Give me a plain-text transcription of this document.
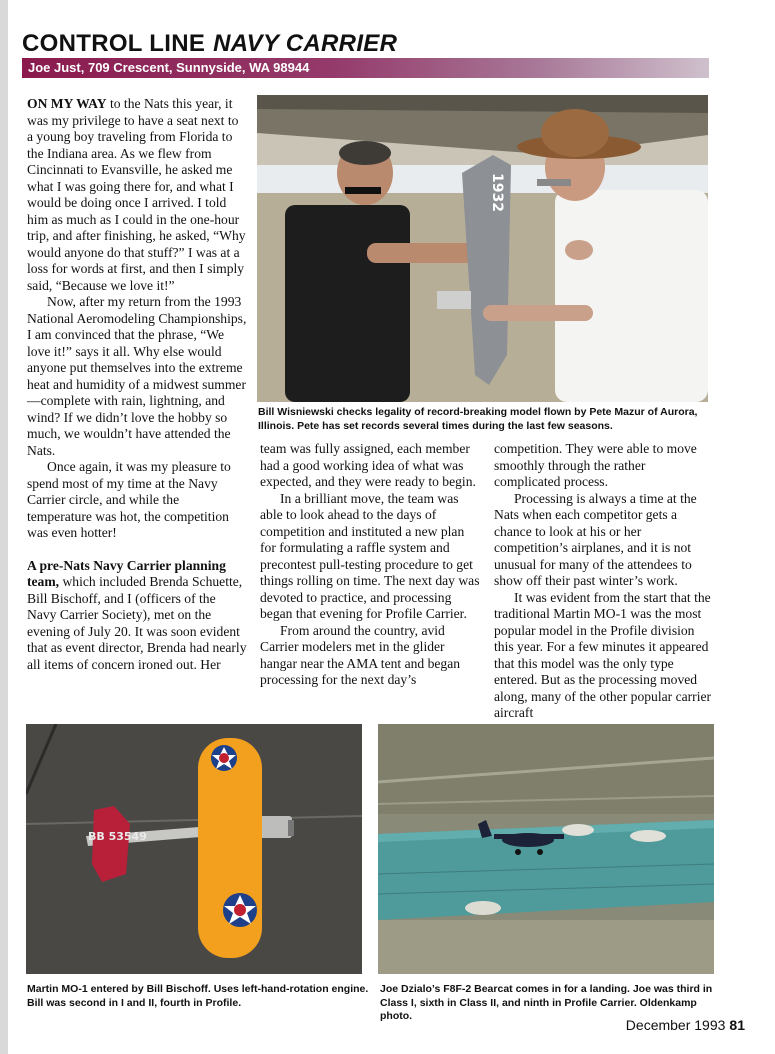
CONTROL LINE NAVY CARRIER
Joe Just, 709 Crescent, Sunnyside, WA 98944

ON MY WAY to the Nats this year, it was my privilege to have a seat next to a young boy traveling from Florida to the Indiana area. As we flew from Cincinnati to Evansville, he asked me what I was going there for, and what I would be doing once I arrived. I told him as much as I could in the one-hour trip, and after finishing, he asked, “Why would anyone do that stuff?” I was at a loss for words at first, and then I simply said, “Because we love it!”

Now, after my return from the 1993 National Aeromodeling Championships, I am convinced that the phrase, “We love it!” says it all. Why else would anyone put themselves into the extreme heat and humidity of a midwest summer—complete with rain, lightning, and wind? If we didn’t love the hobby so much, we wouldn’t have attended the Nats.

Once again, it was my pleasure to spend most of my time at the Navy Carrier circle, and while the temperature was hot, the competition was even hotter!

A pre-Nats Navy Carrier planning team, which included Brenda Schuette, Bill Bischoff, and I (officers of the Navy Carrier Society), met on the evening of July 20. It was soon evident that as event director, Brenda had nearly all items of concern ironed out. Her

1932
Bill Wisniewski checks legality of record-breaking model flown by Pete Mazur of Aurora, Illinois. Pete has set records several times during the last few seasons.

team was fully assigned, each member had a good working idea of what was expected, and they were ready to begin.

In a brilliant move, the team was able to look ahead to the days of competition and instituted a new plan for formulating a raffle system and precontest pull-testing procedure to get things rolling on time. The next day was devoted to practice, and processing began that evening for Profile Carrier.

From around the country, avid Carrier modelers met in the glider hangar near the AMA tent and began processing for the next day’s

competition. They were able to move smoothly through the rather complicated process.

Processing is always a time at the Nats when each competitor gets a chance to look at his or her competition’s airplanes, and it is not unusual for many of the attendees to show off their past winter’s work.

It was evident from the start that the traditional Martin MO-1 was the most popular model in the Profile division this year. For a few minutes it appeared that this model was the only type entered. But as the processing moved along, many of the other popular carrier aircraft

BB 53549
Martin MO-1 entered by Bill Bischoff. Uses left-hand-rotation engine. Bill was second in I and II, fourth in Profile.
Joe Dzialo’s F8F-2 Bearcat comes in for a landing. Joe was third in Class I, sixth in Class II, and ninth in Profile Carrier. Oldenkamp photo.
December 1993 81
